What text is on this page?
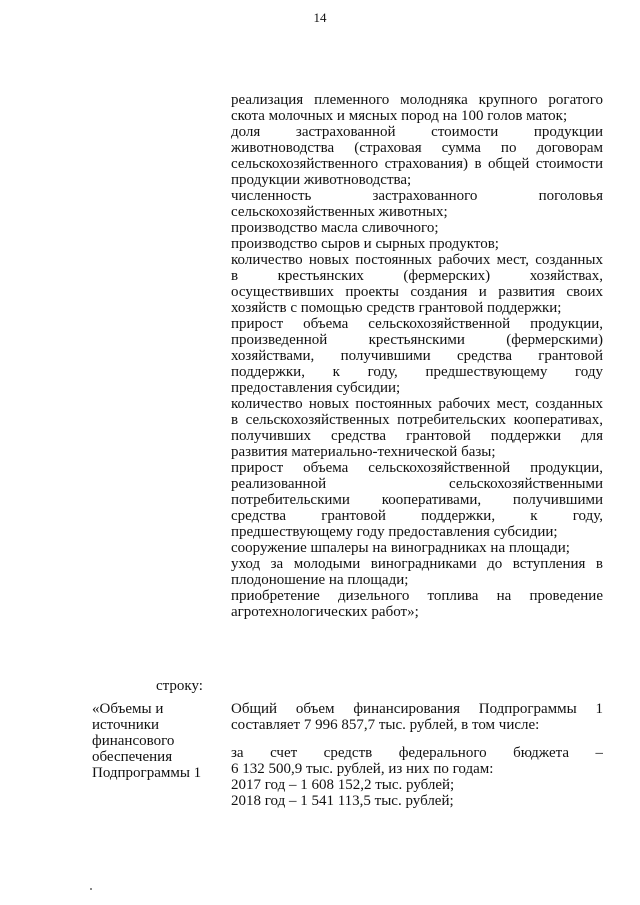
14
реализация племенного молодняка крупного рогатого
скота молочных и мясных пород на 100 голов маток;
доля застрахованной стоимости продукции
животноводства (страховая сумма по договорам
сельскохозяйственного страхования) в общей стоимости
продукции животноводства;
численность застрахованного поголовья
сельскохозяйственных животных;
производство масла сливочного;
производство сыров и сырных продуктов;
количество новых постоянных рабочих мест, созданных
в крестьянских (фермерских) хозяйствах,
осуществивших проекты создания и развития своих
хозяйств с помощью средств грантовой поддержки;
прирост объема сельскохозяйственной продукции,
произведенной крестьянскими (фермерскими)
хозяйствами, получившими средства грантовой
поддержки, к году, предшествующему году
предоставления субсидии;
количество новых постоянных рабочих мест, созданных
в сельскохозяйственных потребительских кооперативах,
получивших средства грантовой поддержки для
развития материально-технической базы;
прирост объема сельскохозяйственной продукции,
реализованной сельскохозяйственными
потребительскими кооперативами, получившими
средства грантовой поддержки, к году,
предшествующему году предоставления субсидии;
сооружение шпалеры на виноградниках на площади;
уход за молодыми виноградниками до вступления в
плодоношение на площади;
приобретение дизельного топлива на проведение
агротехнологических работ»;
строку:
«Объемы и
источники
финансового
обеспечения
Подпрограммы 1
Общий объем финансирования Подпрограммы 1
составляет 7 996 857,7 тыс. рублей, в том числе:
за счет средств федерального бюджета –
6 132 500,9 тыс. рублей, из них по годам:
2017 год – 1 608 152,2 тыс. рублей;
2018 год – 1 541 113,5 тыс. рублей;
